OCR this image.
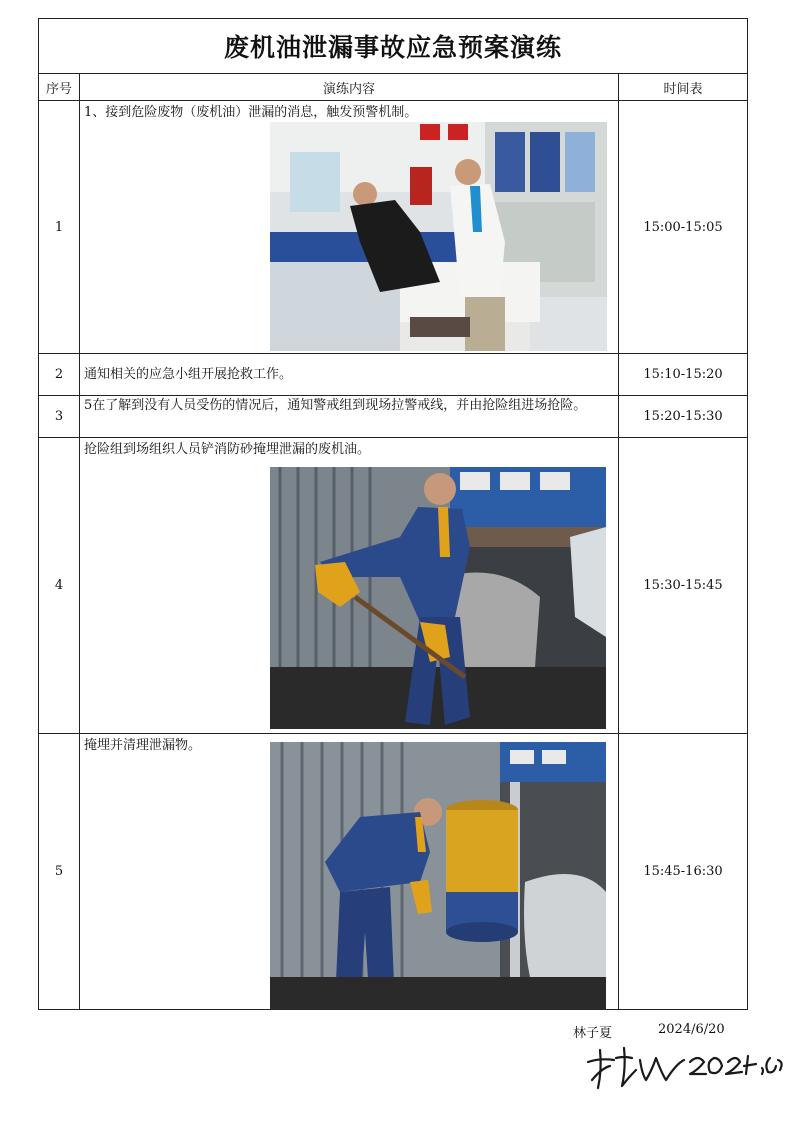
废机油泄漏事故应急预案演练
序号	演练内容	时间表
1	1、接到危险废物（废机油）泄漏的消息，触发预警机制。	15:00-15:05
2	通知相关的应急小组开展抢救工作。	15:10-15:20
3	5在了解到没有人员受伤的情况后，通知警戒组到现场拉警戒线，并由抢险组进场抢险。	15:20-15:30
4	抢险组到场组织人员铲消防砂掩埋泄漏的废机油。	15:30-15:45
5	掩埋并清理泄漏物。	15:45-16:30
林子夏	2024/6/20
